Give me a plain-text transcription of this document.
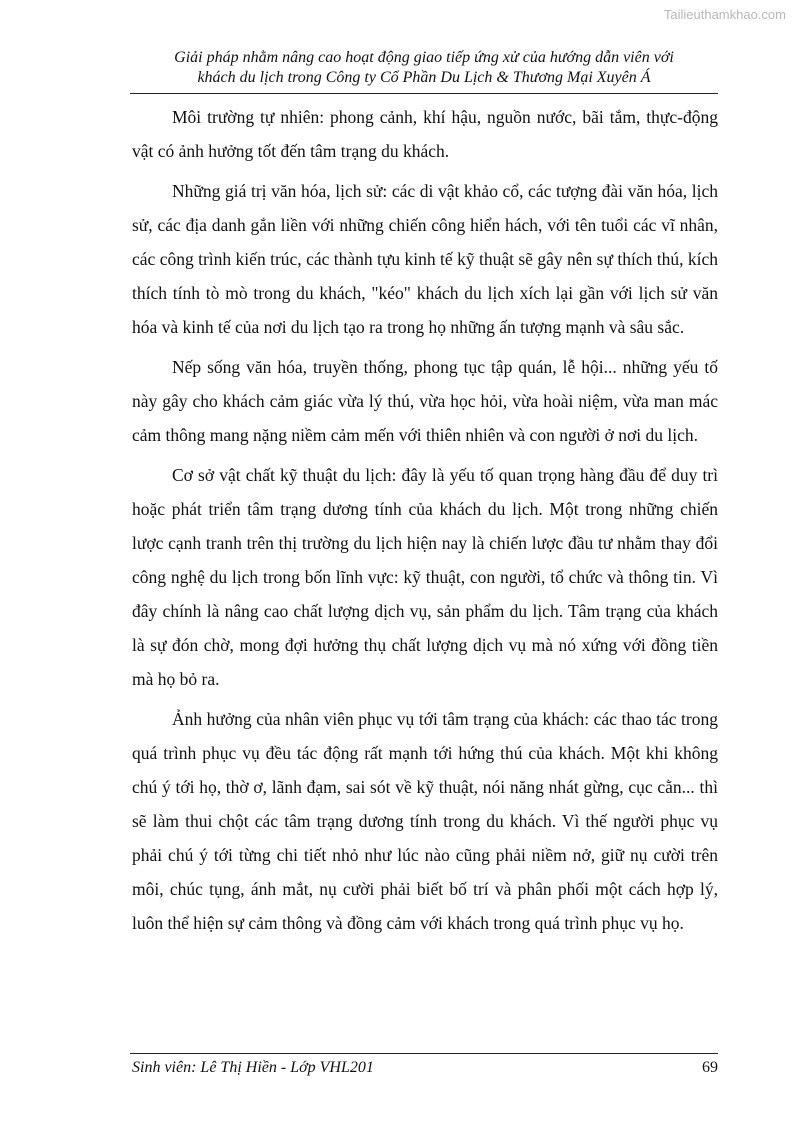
Tailieuthamkhao.com
Giải pháp nhằm nâng cao hoạt động giao tiếp ứng xử của hướng dẫn viên với
khách du lịch trong Công ty Cổ Phần Du Lịch & Thương Mại Xuyên Á

Môi trường tự nhiên: phong cảnh, khí hậu, nguồn nước, bãi tắm, thực-động vật có ảnh hưởng tốt đến tâm trạng du khách.

Những giá trị văn hóa, lịch sử: các di vật khảo cổ, các tượng đài văn hóa, lịch sử, các địa danh gắn liền với những chiến công hiển hách, với tên tuổi các vĩ nhân, các công trình kiến trúc, các thành tựu kinh tế kỹ thuật sẽ gây nên sự thích thú, kích thích tính tò mò trong du khách, "kéo" khách du lịch xích lại gần với lịch sử văn hóa và kinh tế của nơi du lịch tạo ra trong họ những ấn tượng mạnh và sâu sắc.

Nếp sống văn hóa, truyền thống, phong tục tập quán, lễ hội... những yếu tố này gây cho khách cảm giác vừa lý thú, vừa học hỏi, vừa hoài niệm, vừa man mác cảm thông mang nặng niềm cảm mến với thiên nhiên và con người ở nơi du lịch.

Cơ sở vật chất kỹ thuật du lịch: đây là yếu tố quan trọng hàng đầu để duy trì hoặc phát triển tâm trạng dương tính của khách du lịch. Một trong những chiến lược cạnh tranh trên thị trường du lịch hiện nay là chiến lược đầu tư nhằm thay đổi công nghệ du lịch trong bốn lĩnh vực: kỹ thuật, con người, tổ chức và thông tin. Vì đây chính là nâng cao chất lượng dịch vụ, sản phẩm du lịch. Tâm trạng của khách là sự đón chờ, mong đợi hưởng thụ chất lượng dịch vụ mà nó xứng với đồng tiền mà họ bỏ ra.

Ảnh hưởng của nhân viên phục vụ tới tâm trạng của khách: các thao tác trong quá trình phục vụ đều tác động rất mạnh tới hứng thú của khách. Một khi không chú ý tới họ, thờ ơ, lãnh đạm, sai sót về kỹ thuật, nói năng nhát gừng, cục cằn... thì sẽ làm thui chột các tâm trạng dương tính trong du khách. Vì thế người phục vụ phải chú ý tới từng chi tiết nhỏ như lúc nào cũng phải niềm nở, giữ nụ cười trên môi, chúc tụng, ánh mắt, nụ cười phải biết bố trí và phân phối một cách hợp lý, luôn thể hiện sự cảm thông và đồng cảm với khách trong quá trình phục vụ họ.

Sinh viên: Lê Thị Hiền - Lớp VHL201	69
